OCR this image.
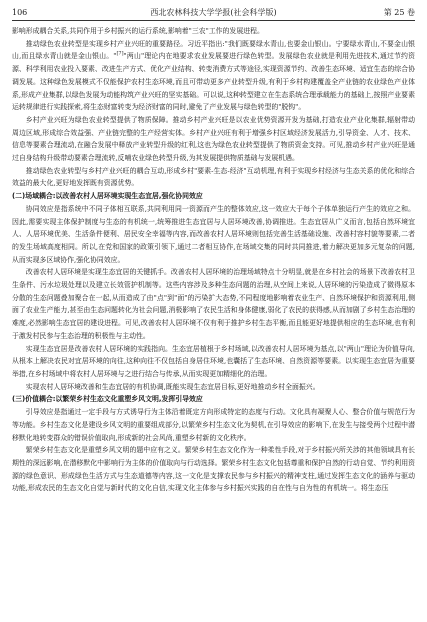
106	西北农林科技大学学报(社会科学版)	第 25 卷

影响形成耦合关系,共同作用于乡村振兴的运行系统,影响着"三农"工作的发展进程。

推动绿色农业转型是实现乡村产业兴旺的重要路径。习近平指出:"我们既要绿水青山,也要金山银山。宁要绿水青山,不要金山银山,而且绿水青山就是金山银山。"[7]"两山"理论内在地要求农业发展要进行绿色转型。发展绿色农业就是利用先进技术,通过节约资源、科学利用农业投入要素、改进生产方式、优化产业结构、转变消费方式等途径,实现资源节约、改善生态环境、适宜生态的综合协调发展。这种绿色发展模式不仅能保护农村生态环境,而且可带动更多产业转型升级,有利于乡村构建覆盖全产业链的农业绿色产业体系,形成产业集群,以绿色发展为动能构筑产业兴旺的坚实基础。可以说,这种转型建立在生态系统合理承载能力的基础上,按照产业要素运转规律进行实践探索,将生态财富转变为经济财富的同时,避免了产业发展与绿色转型的"脱钩"。

乡村产业兴旺为绿色农业转型提供了物质保障。推动乡村产业兴旺是以农业优势资源开发为基础,打造农业产业化集群,辐射带动周边区域,形成综合效益强、产业链完整的生产经营实体。乡村产业兴旺有利于增强乡村区域经济发展活力,引导资金、人才、技术、信息等要素合理流动,在融合发展中释放产业转型升级的红利,这也为绿色农业转型提供了物质资金支持。可见,推动乡村产业兴旺是通过自身结构升级带动要素合理流转,反哺农业绿色转型升级,为其发展提供物质基础与发展机遇。

推动绿色农业转型与乡村产业兴旺的耦合互动,形成乡村"要素-生态-经济"互动机理,有利于实现乡村经济与生态关系的优化和综合效益的最大化,更好地发挥既有资源优势。

(二)场域耦合:以改善农村人居环境实现生态宜居,强化协同效应

协同效应是指系统中不同子体相互联系,共同利用同一资源而产生的整体效应,这一效应大于每个子体单独运行产生的效应之和。因此,需要实现主体保护制度与生态的有机统一,统筹推进生态宜居与人居环境改善,协调推进。生态宜居从广义而言,包括自然环境宜人、人居环境优美、生活条件便利、居民安全幸福等内容,而改善农村人居环境则包括完善生活基础设施、改善村容村貌等要素,二者的发生场域高度相同。所以,在党和国家的政策引领下,通过二者相互协作,在场域交集的同时共同推进,着力解决更加多元复杂的问题,从而实现多区域协作,强化协同效应。

改善农村人居环境是实现生态宜居的关键抓手。改善农村人居环境的治理场域特点十分明显,就是在乡村社会的场景下改善农村卫生条件、污水垃圾处理以及建立长效管护机制等。这些内容涉及多种生态问题的治理,从空间上来说,人居环境的污染造成了微得原本分散的生态问题叠加聚合在一起,从而造成了由"点"到"面"的污染扩大态势,不同程度地影响着农业生产、自然环境保护和资源利用,侧面了农业生产能力,甚至由生态问题转化为社会问题,消极影响了农民生活和身体健康,弱化了农民的获得感,从而加剧了乡村生态治理的难度,必然影响生态宜居的建设进程。可见,改善农村人居环境不仅有利于推护乡村生态平衡,而且能更好地提供相应的生态环境,也有利于激发村民参与生态治理的积极性与主动性。

实现生态宜居是改善农村人居环境的实践指向。生态宜居植根于乡村场域,以改善农村人居环境为基点,以"两山"理论为价值导向,从根本上解决农民对宜居环境的向往,这种向往不仅包括自身居住环境,也囊括了生态环境、自然资源等要素。以实现生态宜居为重要举措,在乡村场域中将农村人居环境与之进行结合与传承,从而实现更加精细化的治理。

实现农村人居环境改善和生态宜居的有机协调,既能实现生态宜居目标,更好地推动乡村全面振兴。

(三)价值耦合:以繁荣乡村生态文化重塑乡风文明,发挥引导效应

引导效应是指通过一定手段与方式诱导行为主体沿着既定方向形成特定的态度与行动。文化具有凝聚人心、整合价值与规范行为等功能。乡村生态文化是建设乡风文明的重要组成部分,以繁荣乡村生态文化为契机,在引导效应的影响下,在发生与接受两个过程中潜移默化地转变群众的错误价值取向,形成新的社会风尚,重塑乡村新的文化秩序。

繁荣乡村生态文化是重塑乡风文明的题中应有之义。繁荣乡村生态文化作为一种柔性手段,对于乡村振兴所关涉的其他领域具有长期性的深远影响,在潜移默化中影响行为主体的价值取向与行动选择。繁荣乡村生态文化包括尊重和保护自然的行动自觉、节约利用资源的绿色意识、形成绿色生活方式与生态道德等内容,这一文化是支撑农民参与乡村振兴的精神支柱,通过发挥生态文化的涵养与驱动功能,形成农民的生态文化自觉与新时代的文化自信,实现文化主体参与乡村振兴实践的自在性与自为性的有机统一。将生态压
